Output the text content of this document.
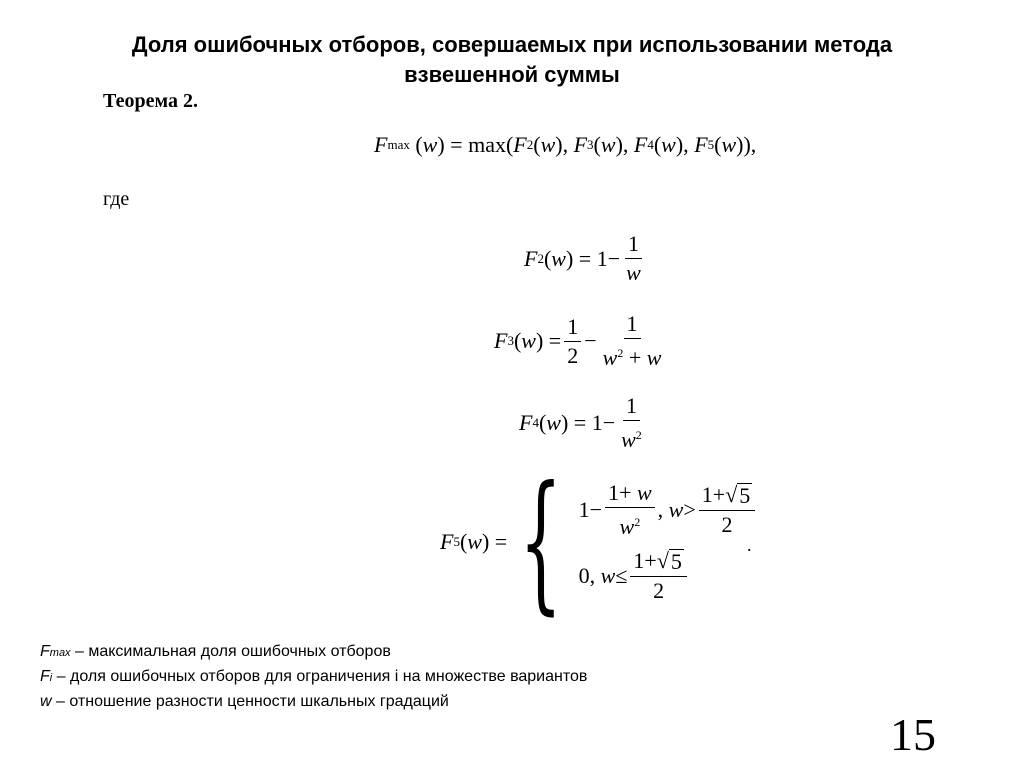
Доля ошибочных отборов, совершаемых при использовании метода
взвешенной суммы
Теорема 2.
F max
( w ) = max( F 2 ( w ), F 3 ( w ), F 4 ( w ), F 5 ( w )),
где
F 2 ( w ) = $1- \frac{1}{w}$
F 3 ( w ) = $\frac{1}{2} - \frac{1}{w^2 + w}$
F 4 ( w ) = $1- \frac{1}{w^2}$
F 5 ( w ) = { $1- \frac{1+ w}{w^2}$ , $w > \frac{1+ √ 5}{2}$
0, $w \le \frac{1+ √ 5}{2}$
.
Fmax – максимальная доля ошибочных отборов
Fi – доля ошибочных отборов для ограничения i на множестве вариантов
w – отношение разности ценности шкальных градаций
15
